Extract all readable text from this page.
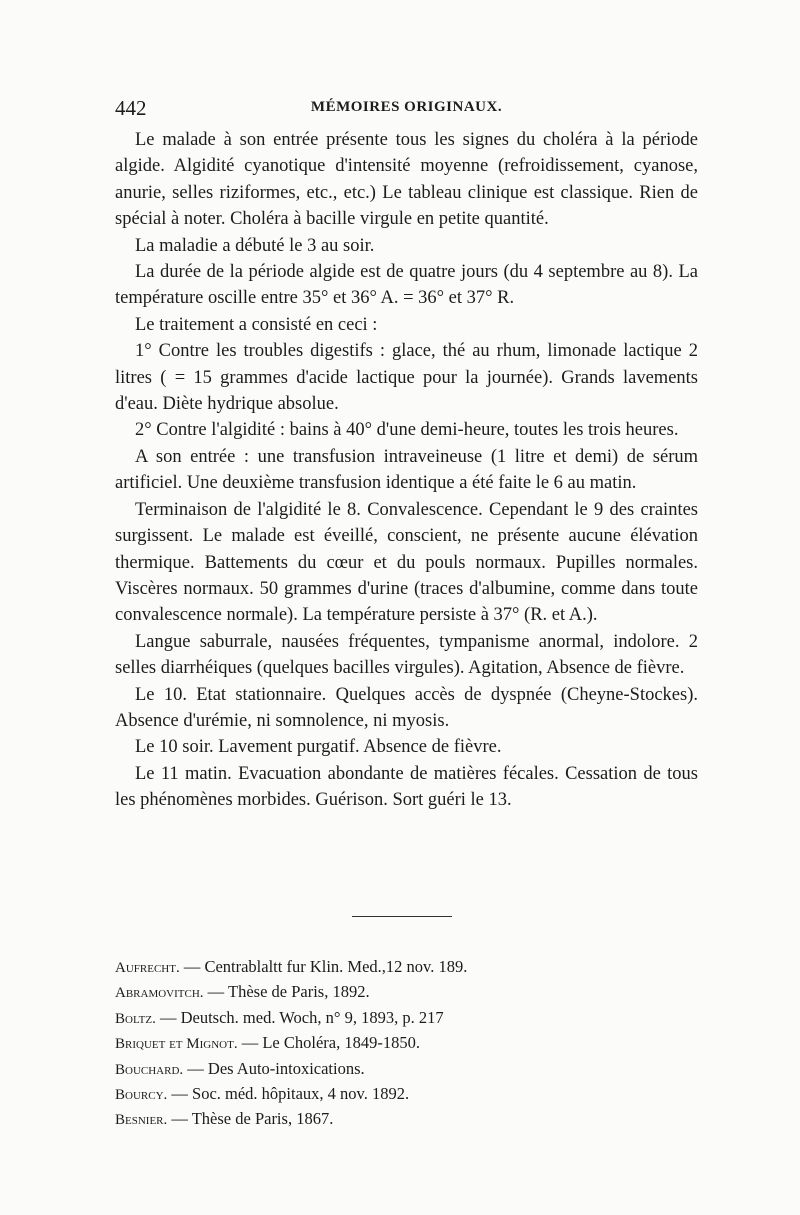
442	MÉMOIRES ORIGINAUX.

Le malade à son entrée présente tous les signes du choléra à la période algide. Algidité cyanotique d'intensité moyenne (refroidissement, cyanose, anurie, selles riziformes, etc., etc.) Le tableau clinique est classique. Rien de spécial à noter. Choléra à bacille virgule en petite quantité.

La maladie a débuté le 3 au soir.

La durée de la période algide est de quatre jours (du 4 septembre au 8). La température oscille entre 35° et 36° A. = 36° et 37° R.

Le traitement a consisté en ceci :

1° Contre les troubles digestifs : glace, thé au rhum, limonade lactique 2 litres ( = 15 grammes d'acide lactique pour la journée). Grands lavements d'eau. Diète hydrique absolue.

2° Contre l'algidité : bains à 40° d'une demi-heure, toutes les trois heures.

A son entrée : une transfusion intraveineuse (1 litre et demi) de sérum artificiel. Une deuxième transfusion identique a été faite le 6 au matin.

Terminaison de l'algidité le 8. Convalescence. Cependant le 9 des craintes surgissent. Le malade est éveillé, conscient, ne présente aucune élévation thermique. Battements du cœur et du pouls normaux. Pupilles normales. Viscères normaux. 50 grammes d'urine (traces d'albumine, comme dans toute convalescence normale). La température persiste à 37° (R. et A.).

Langue saburrale, nausées fréquentes, tympanisme anormal, indolore. 2 selles diarrhéiques (quelques bacilles virgules). Agitation, Absence de fièvre.

Le 10. Etat stationnaire. Quelques accès de dyspnée (Cheyne-Stockes). Absence d'urémie, ni somnolence, ni myosis.

Le 10 soir. Lavement purgatif. Absence de fièvre.

Le 11 matin. Evacuation abondante de matières fécales. Cessation de tous les phénomènes morbides. Guérison. Sort guéri le 13.

Aufrecht. — Centrablaltt fur Klin. Med.,12 nov. 189.
Abramovitch. — Thèse de Paris, 1892.
Boltz. — Deutsch. med. Woch, n° 9, 1893, p. 217
Briquet et Mignot. — Le Choléra, 1849-1850.
Bouchard. — Des Auto-intoxications.
Bourcy. — Soc. méd. hôpitaux, 4 nov. 1892.
Besnier. — Thèse de Paris, 1867.
